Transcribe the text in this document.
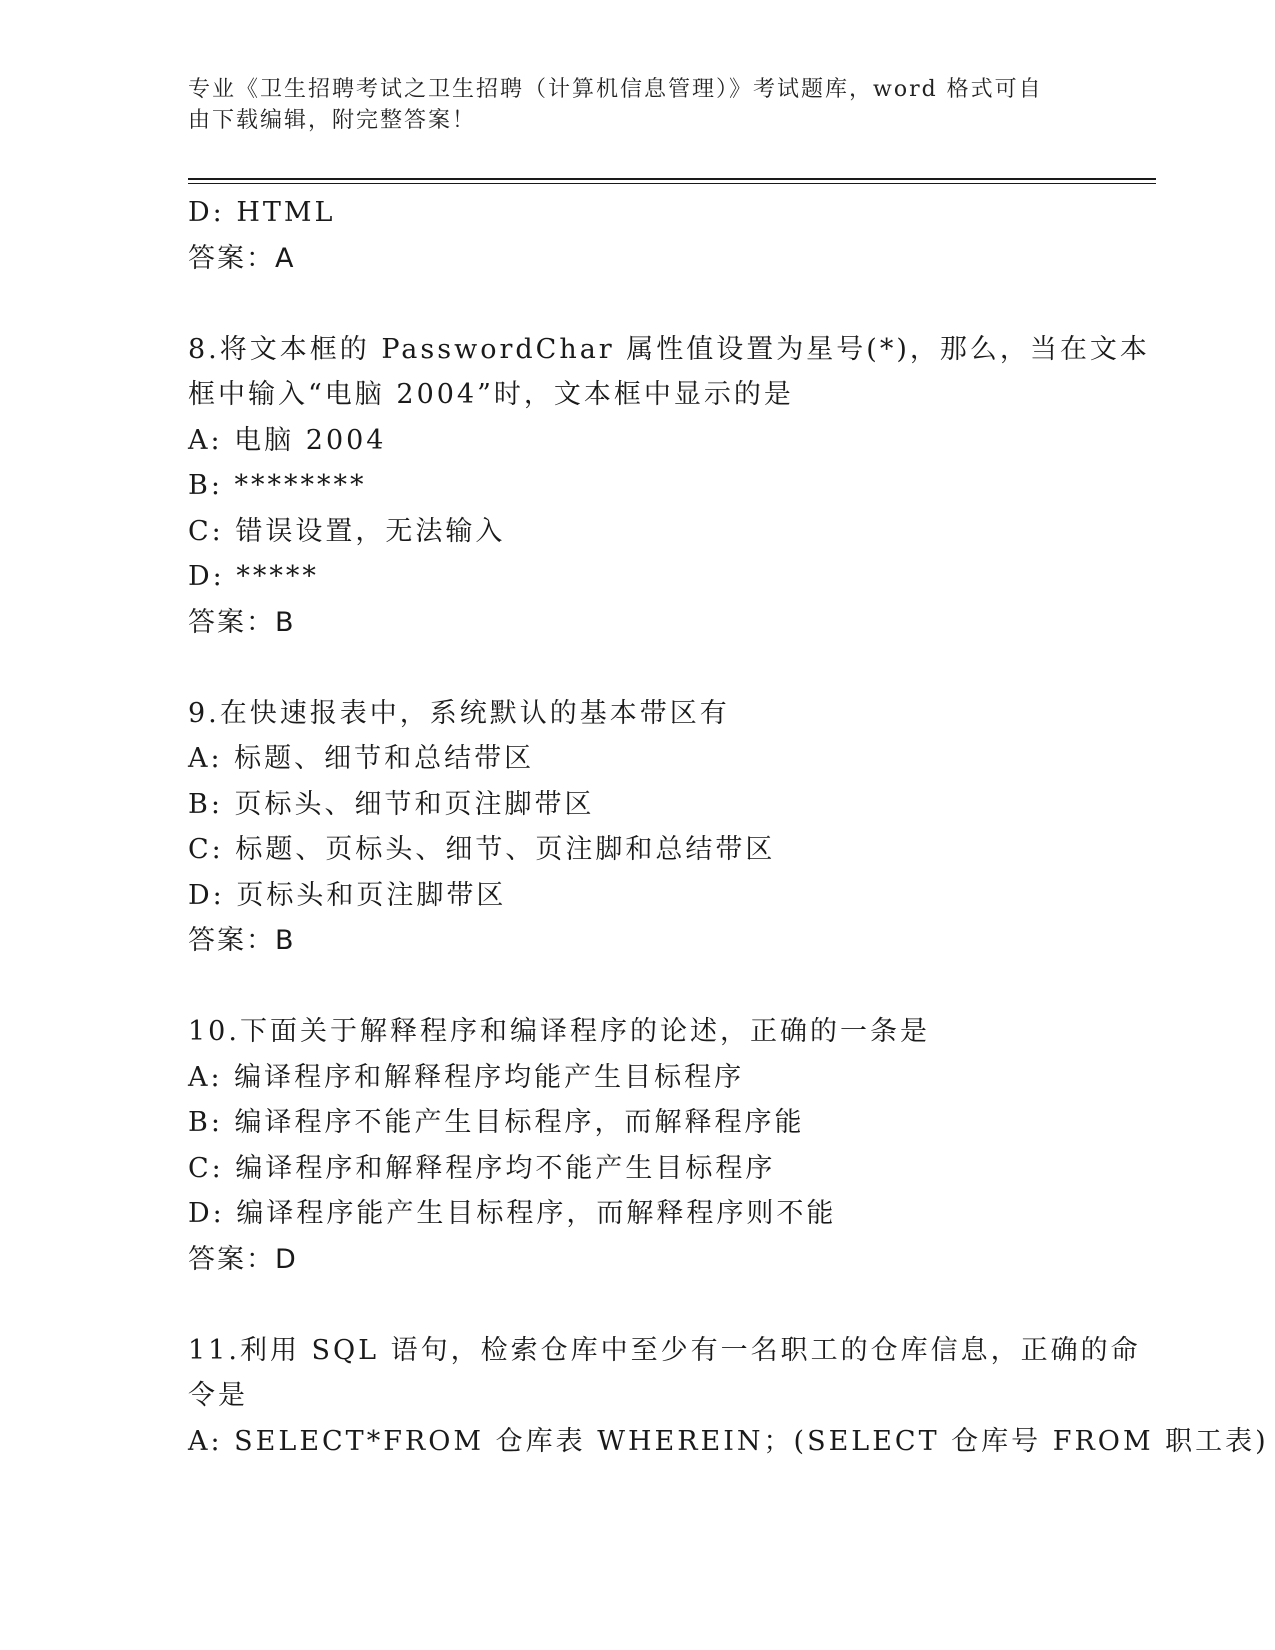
专业《卫生招聘考试之卫生招聘（计算机信息管理）》考试题库，word 格式可自
由下载编辑，附完整答案！
D: HTML
答案：A
8.将文本框的 PasswordChar 属性值设置为星号(*)，那么，当在文本
框中输入“电脑 2004”时，文本框中显示的是
A: 电脑 2004
B: ********
C: 错误设置，无法输入
D: *****
答案：B
9.在快速报表中，系统默认的基本带区有
A: 标题、细节和总结带区
B: 页标头、细节和页注脚带区
C: 标题、页标头、细节、页注脚和总结带区
D: 页标头和页注脚带区
答案：B
10.下面关于解释程序和编译程序的论述，正确的一条是
A: 编译程序和解释程序均能产生目标程序
B: 编译程序不能产生目标程序，而解释程序能
C: 编译程序和解释程序均不能产生目标程序
D: 编译程序能产生目标程序，而解释程序则不能
答案：D
11.利用 SQL 语句，检索仓库中至少有一名职工的仓库信息，正确的命
令是
A: SELECT*FROM 仓库表 WHEREIN；(SELECT 仓库号 FROM 职工表)
